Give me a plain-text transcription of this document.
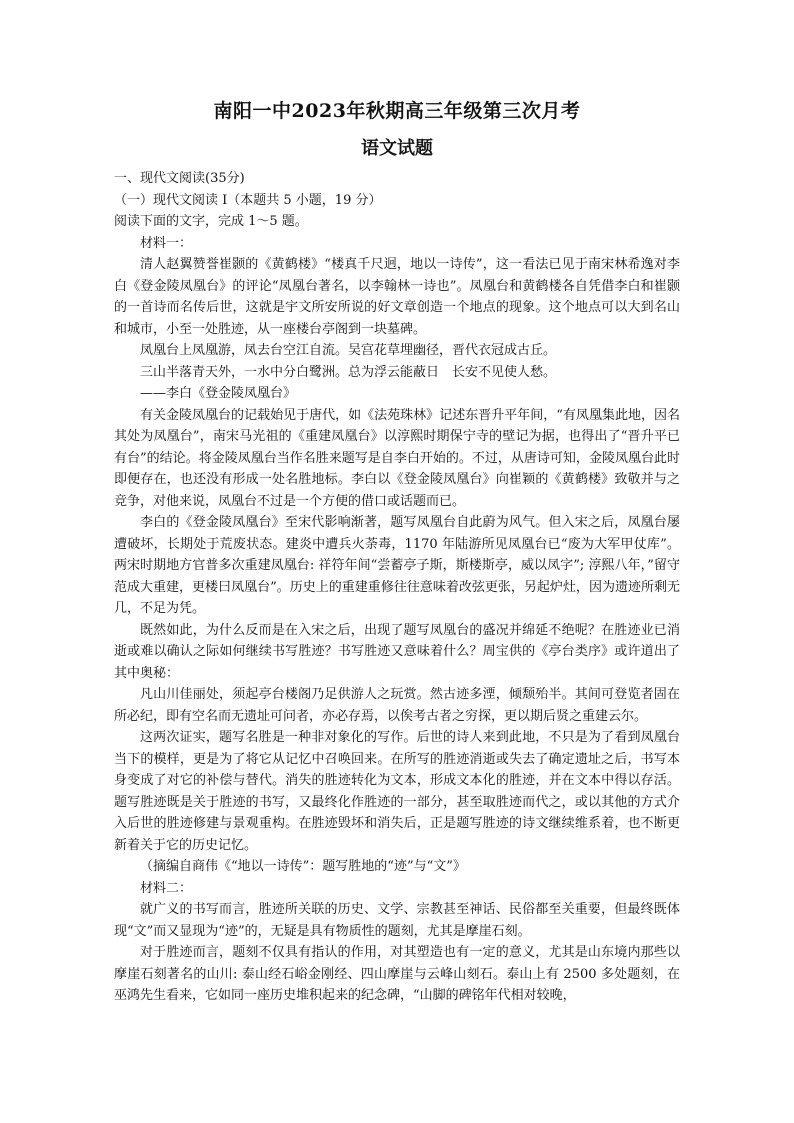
南阳一中2023年秋期高三年级第三次月考
语文试题

一、现代文阅读(35分)

（一）现代文阅读 I（本题共 5 小题，19 分）

阅读下面的文字，完成 1～5 题。

材料一：

清人赵翼赞誉崔颢的《黄鹤楼》“楼真千尺迥，地以一诗传”，这一看法已见于南宋林希逸对李白《登金陵凤凰台》的评论“凤凰台著名，以李翰林一诗也”。凤凰台和黄鹤楼各自凭借李白和崔颢的一首诗而名传后世，这就是宇文所安所说的好文章创造一个地点的现象。这个地点可以大到名山和城市，小至一处胜迹，从一座楼台亭阁到一块墓碑。

凤凰台上凤凰游，凤去台空江自流。吴宫花草埋幽径，晋代衣冠成古丘。

三山半落青天外，一水中分白鹭洲。总为浮云能蔽日　长安不见使人愁。

——李白《登金陵凤凰台》

有关金陵凤凰台的记载始见于唐代，如《法苑珠林》记述东晋升平年间，“有凤凰集此地，因名其处为凤凰台”，南宋马光祖的《重建凤凰台》以淳熙时期保宁寺的壁记为据，也得出了“晋升平已有台”的结论。将金陵凤凰台当作名胜来题写是自李白开始的。不过，从唐诗可知，金陵凤凰台此时即便存在，也还没有形成一处名胜地标。李白以《登金陵凤凰台》向崔颖的《黄鹤楼》致敬并与之竞争，对他来说，凤凰台不过是一个方便的借口或话题而已。

李白的《登金陵凤凰台》至宋代影响渐著，题写凤凰台自此蔚为风气。但入宋之后，凤凰台屡遭破坏，长期处于荒废状态。建炎中遭兵火荼毒，1170 年陆游所见凤凰台已“废为大军甲仗库”。两宋时期地方官普多次重建凤凰台: 祥符年间“尝蓄亭子斯，斯楼斯亭，威以凤字”; 淳熙八年，”留守范成大重建，更楼曰凤凰台”。历史上的重建重修往往意味着改弦更张，另起炉灶，因为遗迹所剩无几，不足为凭。

既然如此，为什么反而是在入宋之后，出现了题写凤凰台的盛况并绵延不绝呢？在胜迹业已消逝或难以确认之际如何继续书写胜迹？书写胜迹又意味着什么？周宝供的《亭台类序》或许道出了其中奥秘：

凡山川佳丽处，须起亭台楼阁乃足供游人之玩赏。然古迹多湮，倾颓殆半。其间可登览者固在所必纪，即有空名而无遗址可问者，亦必存焉，以俟考古者之穷探，更以期后贤之重建云尔。

这两次证实，题写名胜是一种非对象化的写作。后世的诗人来到此地，不只是为了看到凤凰台当下的模样，更是为了将它从记忆中召唤回来。在所写的胜迹消逝或失去了确定遗址之后，书写本身变成了对它的补偿与替代。消失的胜迹转化为文本，形成文本化的胜迹，并在文本中得以存活。题写胜迹既是关于胜迹的书写，又最终化作胜迹的一部分，甚至取胜迹而代之，或以其他的方式介入后世的胜迹修建与景观重构。在胜迹毁坏和消失后，正是题写胜迹的诗文继续维系着，也不断更新着关于它的历史记忆。

（摘编自商伟《“地以一诗传”：题写胜地的“迹”与“文”》

材料二：

就广义的书写而言，胜迹所关联的历史、文学、宗教甚至神话、民俗都至关重要，但最终既体现“文”而又显现为“迹”的，无疑是具有物质性的题刻，尤其是摩崖石刻。

对于胜迹而言，题刻不仅具有指认的作用，对其塑造也有一定的意义，尤其是山东境内那些以摩崖石刻著名的山川: 泰山经石峪金刚经、四山摩崖与云峰山刻石。泰山上有 2500 多处题刻，在巫鸿先生看来，它如同一座历史堆积起来的纪念碑，“山脚的碑铭年代相对较晚，
